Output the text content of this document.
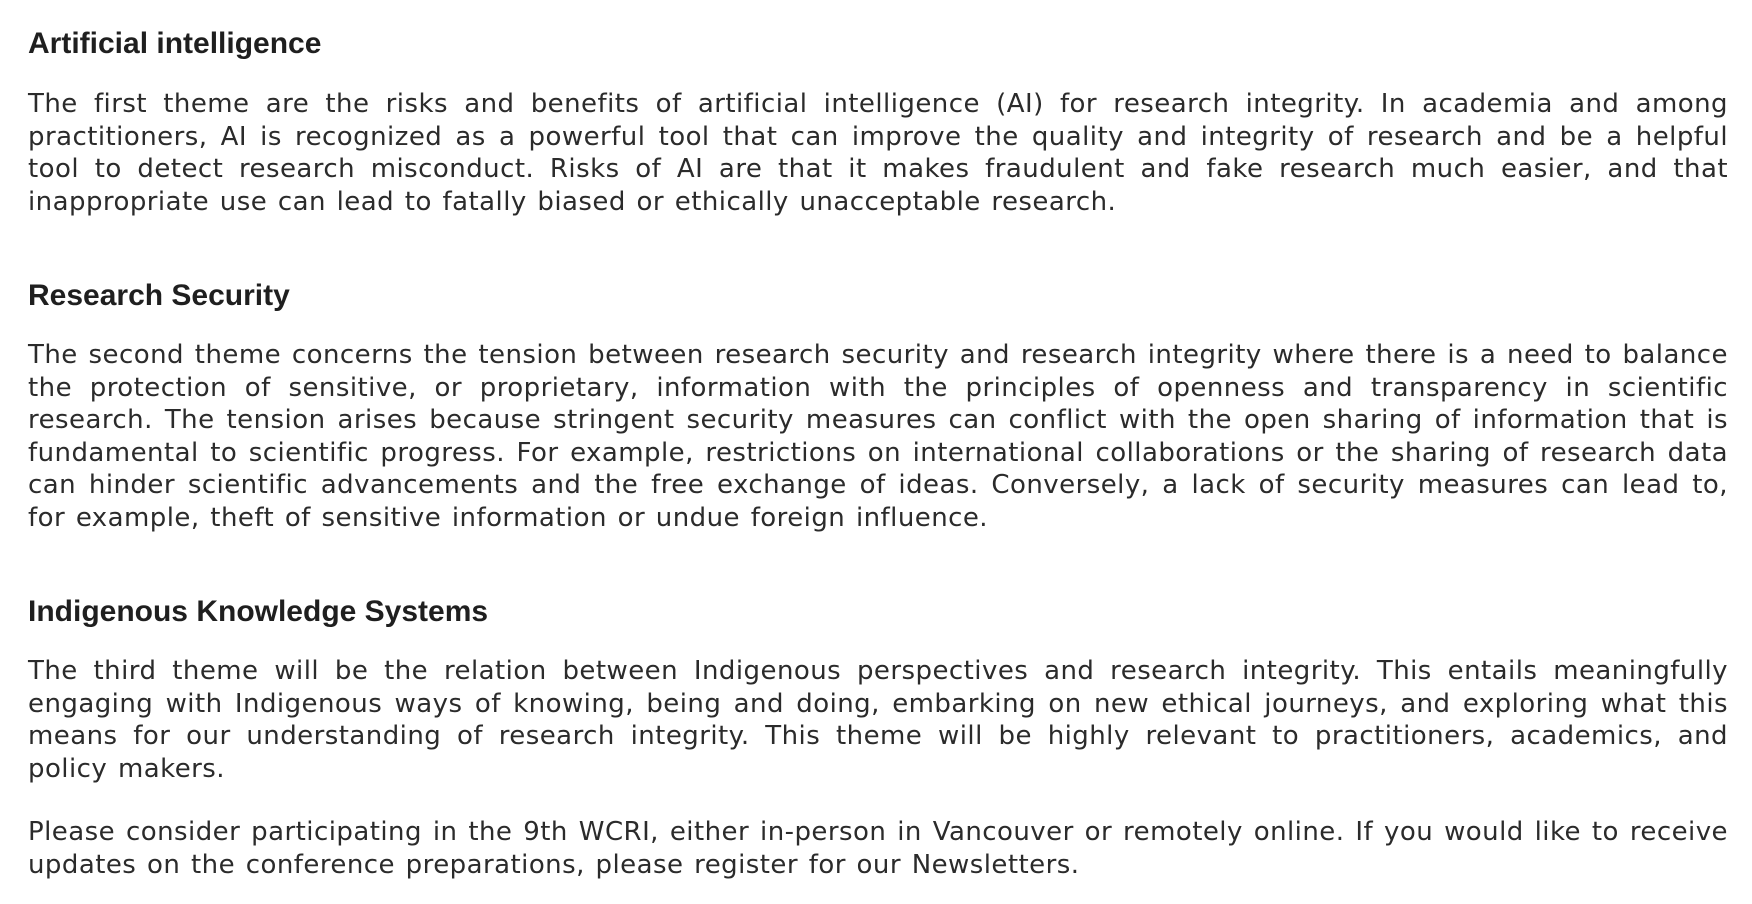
Artificial intelligence

The first theme are the risks and benefits of artificial intelligence (AI) for research integrity. In academia and among practitioners, AI is recognized as a powerful tool that can improve the quality and integrity of research and be a helpful tool to detect research misconduct. Risks of AI are that it makes fraudulent and fake research much easier, and that inappropriate use can lead to fatally biased or ethically unacceptable research.

Research Security

The second theme concerns the tension between research security and research integrity where there is a need to balance the protection of sensitive, or proprietary, information with the principles of openness and transparency in scientific research. The tension arises because stringent security measures can conflict with the open sharing of information that is fundamental to scientific progress. For example, restrictions on international collaborations or the sharing of research data can hinder scientific advancements and the free exchange of ideas. Conversely, a lack of security measures can lead to, for example, theft of sensitive information or undue foreign influence.

Indigenous Knowledge Systems

The third theme will be the relation between Indigenous perspectives and research integrity. This entails meaningfully engaging with Indigenous ways of knowing, being and doing, embarking on new ethical journeys, and exploring what this means for our understanding of research integrity. This theme will be highly relevant to practitioners, academics, and policy makers.

Please consider participating in the 9th WCRI, either in-person in Vancouver or remotely online. If you would like to receive updates on the conference preparations, please register for our Newsletters.
